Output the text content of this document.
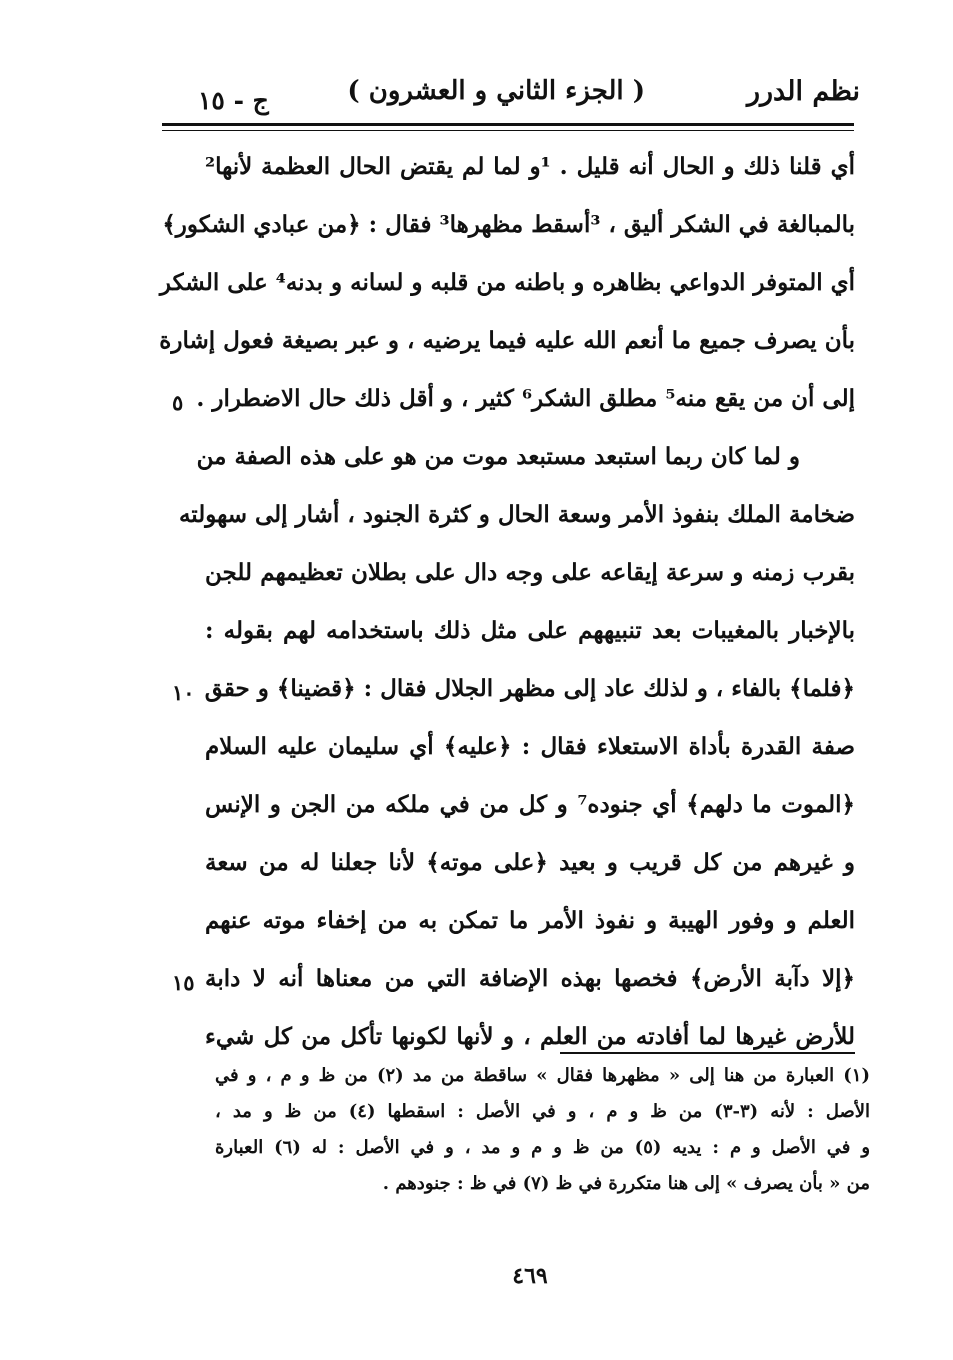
نظم الدرر
( الجزء الثاني و العشرون )
ج - ١٥
أي قلنا ذلك و الحال أنه قليل . ¹و لما لم يقتض الحال العظمة لأنها²
بالمبالغة في الشكر أليق ، ³أسقط مظهرها³ فقال : ﴿من عبادي الشكور﴾
أي المتوفر الدواعي بظاهره و باطنه من قلبه و لسانه و بدنه⁴ على الشكر
بأن يصرف جميع ما أنعم الله عليه فيما يرضيه ، و عبر بصيغة فعول إشارة
إلى أن من يقع منه⁵ مطلق الشكر⁶ كثير ، و أقل ذلك حال الاضطرار .
و لما كان ربما استبعد مستبعد موت من هو على هذه الصفة من
ضخامة الملك بنفوذ الأمر وسعة الحال و كثرة الجنود ، أشار إلى سهولته
بقرب زمنه و سرعة إيقاعه على وجه دال على بطلان تعظيمهم للجن
بالإخبار بالمغيبات بعد تنبيههم على مثل ذلك باستخدامه لهم بقوله :
﴿فلما﴾ بالفاء ، و لذلك عاد إلى مظهر الجلال فقال : ﴿قضينا﴾ و حقق
صفة القدرة بأداة الاستعلاء فقال : ﴿عليه﴾ أي سليمان عليه السلام
﴿الموت ما دلهم﴾ أي جنوده⁷ و كل من في ملكه من الجن و الإنس
و غيرهم من كل قريب و بعيد ﴿على موته﴾ لأنا جعلنا له من سعة
العلم و وفور الهيبة و نفوذ الأمر ما تمكن به من إخفاء موته عنهم
﴿إلا دآبة الأرض﴾ فخصها بهذه الإضافة التي من معناها أنه لا دابة
للأرض غيرها لما أفادته من العلم ، و لأنها لكونها تأكل من كل شيء
٥
١٠
١٥
(١) العبارة من هنا إلى « مظهرها فقال » ساقطة من مد (٢) من ظ و م ، و في
الأصل : لأنه (٣-٣) من ظ و م ، و في الأصل : اسقطها (٤) من ظ و مد ،
و في الأصل و م : يديه (٥) من ظ و م و مد ، و في الأصل : له (٦) العبارة
من « بأن يصرف » إلى هنا متكررة في ظ (٧) في ظ : جنودهم .
٤٦٩
